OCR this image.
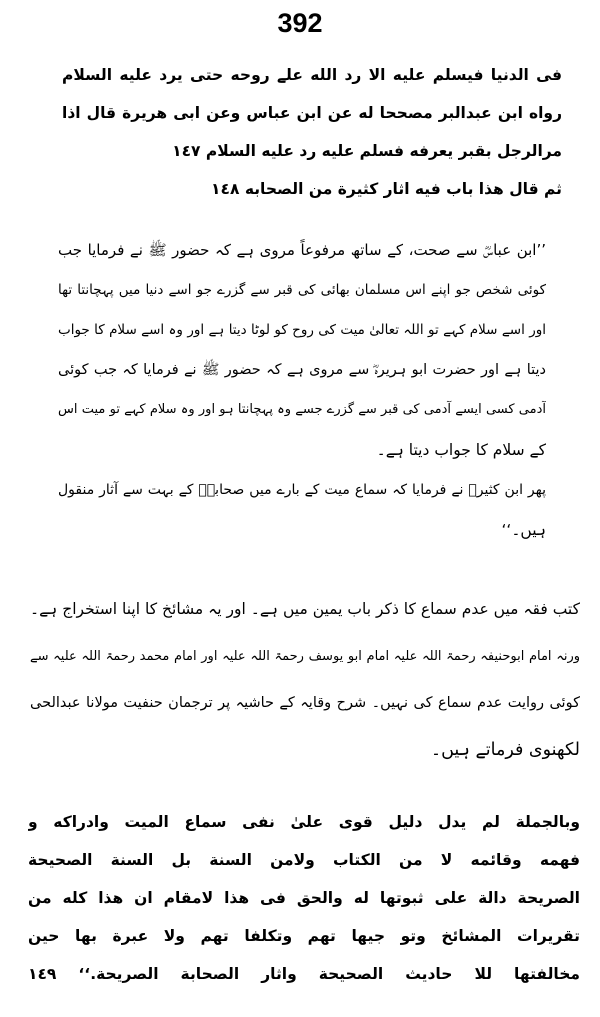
392
فی الدنیا فیسلم علیه الا رد الله علے روحه حتی یرد علیه السلام
رواه ابن عبدالبر مصححا له عن ابن عباس وعن ابی هریرة قال اذا
مرالرجل بقبر یعرفه فسلم علیه رد علیه السلام ١٤٧
ثم قال هذا باب فیه اثار کثیرة من الصحابه ١٤٨
’’ابن عباسؓ سے صحت، کے ساتھ مرفوعاً مروی ہے کہ حضور ﷺ نے فرمایا جب
کوئی شخص جو اپنے اس مسلمان بھائی کی قبر سے گزرے جو اسے دنیا میں پہچانتا تھا
اور اسے سلام کہے تو اللہ تعالیٰ میت کی روح کو لوٹا دیتا ہے اور وہ اسے سلام کا جواب
دیتا ہے اور حضرت ابو ہریرہؓ سے مروی ہے کہ حضور ﷺ نے فرمایا کہ جب کوئی
آدمی کسی ایسے آدمی کی قبر سے گزرے جسے وہ پہچانتا ہو اور وہ سلام کہے تو میت اس
کے سلام کا جواب دیتا ہے۔
پھر ابن کثیرؒ نے فرمایا کہ سماع میت کے بارے میں صحابہؓ کے بہت سے آثار منقول
ہیں۔‘‘
کتب فقہ میں عدم سماع کا ذکر باب یمین میں ہے۔ اور یہ مشائخ کا اپنا استخراج ہے۔
ورنہ امام ابوحنیفہ رحمۃ اللہ علیہ امام ابو یوسف رحمۃ اللہ علیہ اور امام محمد رحمۃ اللہ علیہ سے
کوئی روایت عدم سماع کی نہیں۔ شرح وقایہ کے حاشیہ پر ترجمان حنفیت مولانا عبدالحی
لکھنوی فرماتے ہیں۔
وبالجملة لم یدل دلیل قوی علیٰ نفی سماع المیت وادراکه و
فهمه وقائمه لا من الکتاب ولامن السنة بل السنة الصحیحة
الصریحة دالة علی ثبوتها له والحق فی هذا لامقام ان هذا کله من
تقریرات المشائخ وتو جیها تهم وتکلفا تهم ولا عبرة بها حین
مخالفتها للا حادیث الصحیحة واثار الصحابة الصریحة.‘‘ ١٤٩
